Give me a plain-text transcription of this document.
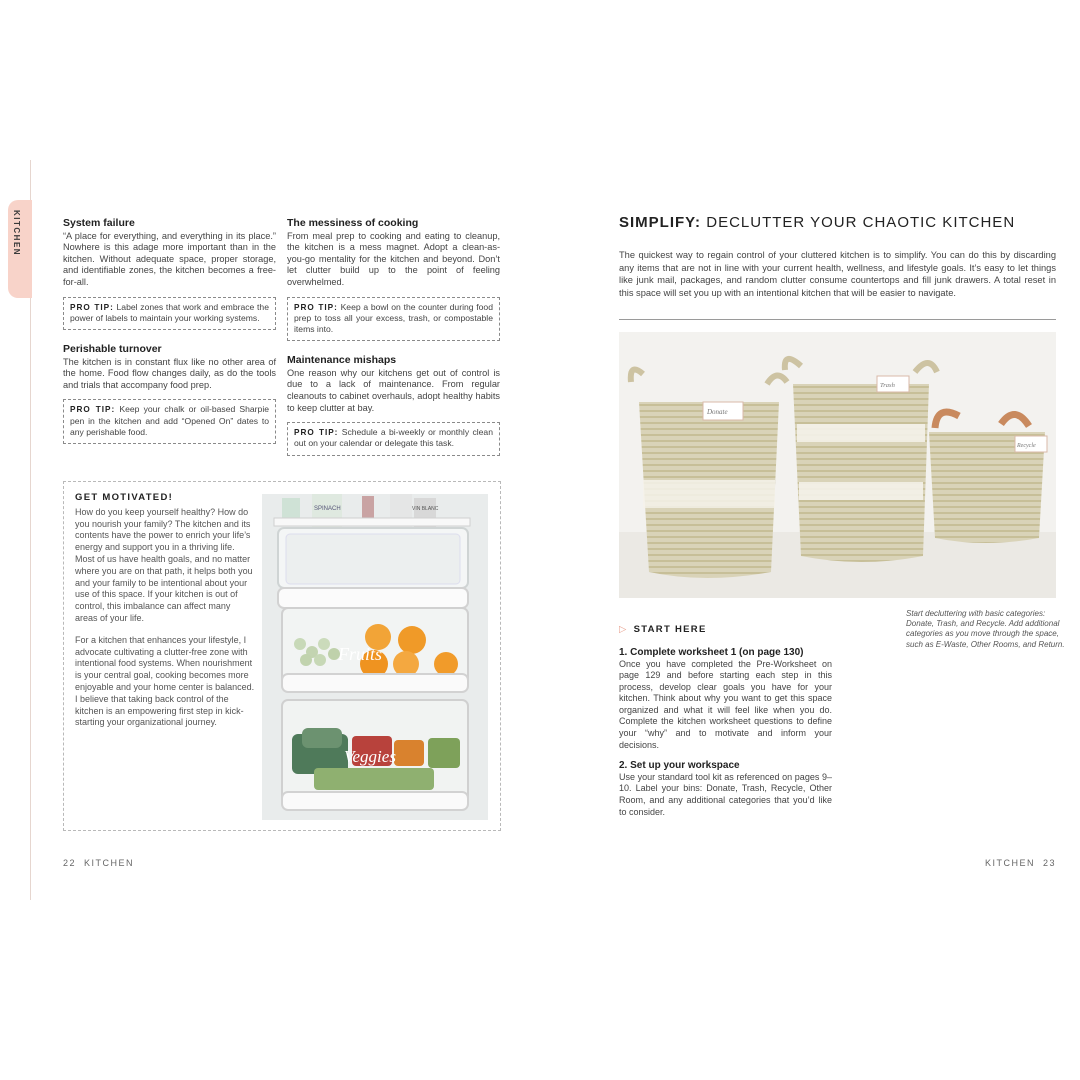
KITCHEN	System failure

“A place for everything, and everything in its place.” Nowhere is this adage more important than in the kitchen. Without adequate space, proper storage, and identifiable zones, the kitchen becomes a free-for-all.

PRO TIP: Label zones that work and embrace the power of labels to maintain your working systems.
Perishable turnover

The kitchen is in constant flux like no other area of the home. Food flow changes daily, as do the tools and trials that accompany food prep.

PRO TIP: Keep your chalk or oil-based Sharpie pen in the kitchen and add “Opened On” dates to any perishable food.
The messiness of cooking

From meal prep to cooking and eating to cleanup, the kitchen is a mess magnet. Adopt a clean-as-you-go mentality for the kitchen and beyond. Don’t let clutter build up to the point of feeling overwhelmed.

PRO TIP: Keep a bowl on the counter during food prep to toss all your excess, trash, or compostable items into.
Maintenance mishaps

One reason why our kitchens get out of control is due to a lack of maintenance. From regular cleanouts to cabinet overhauls, adopt healthy habits to keep clutter at bay.

PRO TIP: Schedule a bi-weekly or monthly clean out on your calendar or delegate this task.
GET MOTIVATED!

How do you keep yourself healthy? How do you nourish your family? The kitchen and its contents have the power to enrich your life’s energy and support you in a thriving life. Most of us have health goals, and no matter where you are on that path, it helps both you and your family to be intentional about your use of this space. If your kitchen is out of control, this imbalance can affect many areas of your life.

For a kitchen that enhances your lifestyle, I advocate cultivating a clutter-free zone with intentional food systems. When nourishment is your central goal, cooking becomes more enjoyable and your home center is balanced. I believe that taking back control of the kitchen is an empowering first step in kick-starting your organizational journey.

SPINACH	VIN BLANC
Fruits
Veggies
22 KITCHEN
SIMPLIFY: DECLUTTER YOUR CHAOTIC KITCHEN
The quickest way to regain control of your cluttered kitchen is to simplify. You can do this by discarding any items that are not in line with your current health, wellness, and lifestyle goals. It’s easy to let things like junk mail, packages, and random clutter consume countertops and fill junk drawers. A total reset in this space will set you up with an intentional kitchen that will be easier to navigate.
Donate
Trash
Recycle
Start decluttering with basic categories: Donate, Trash, and Recycle. Add additional categories as you move through the space, such as E-Waste, Other Rooms, and Return.
▷ START HERE
1. Complete worksheet 1 (on page 130)

Once you have completed the Pre-Worksheet on page 129 and before starting each step in this process, develop clear goals you have for your kitchen. Think about why you want to get this space organized and what it will feel like when you do. Complete the kitchen worksheet questions to define your “why” and to motivate and inform your decisions.

2. Set up your workspace

Use your standard tool kit as referenced on pages 9–10. Label your bins: Donate, Trash, Recycle, Other Room, and any additional categories that you’d like to consider.

KITCHEN 23
